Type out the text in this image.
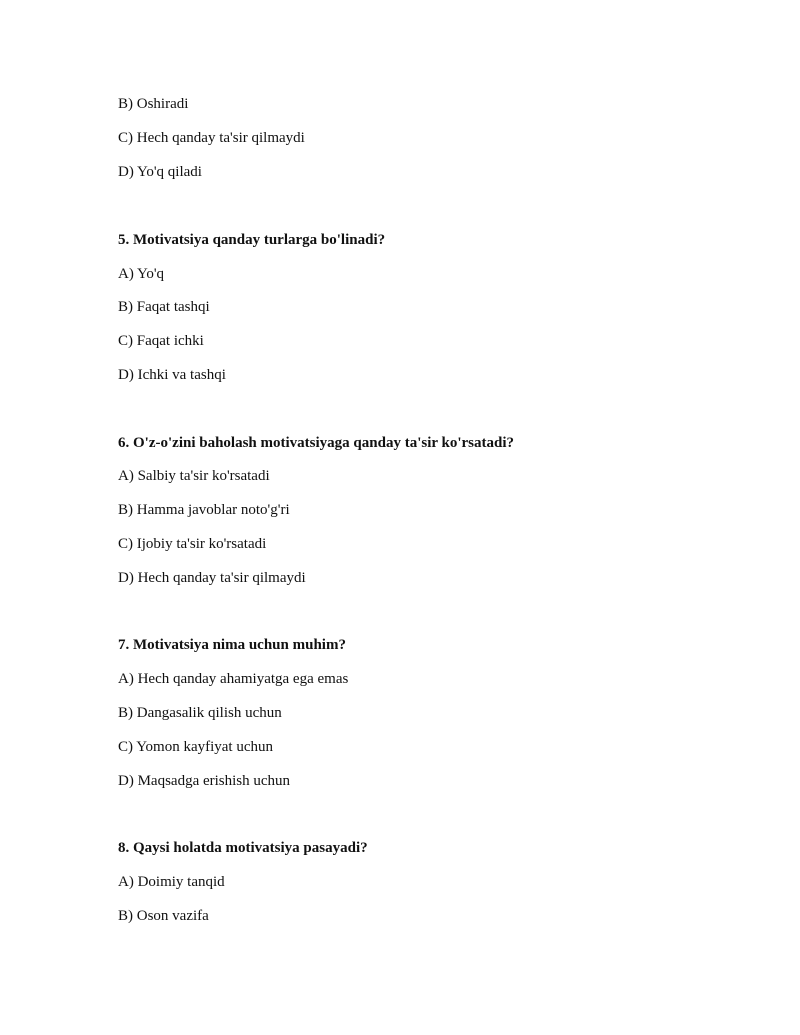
B) Oshiradi
C) Hech qanday ta'sir qilmaydi
D) Yo'q qiladi
5. Motivatsiya qanday turlarga bo'linadi?
A) Yo'q
B) Faqat tashqi
C) Faqat ichki
D) Ichki va tashqi
6. O'z-o'zini baholash motivatsiyaga qanday ta'sir ko'rsatadi?
A) Salbiy ta'sir ko'rsatadi
B) Hamma javoblar noto'g'ri
C) Ijobiy ta'sir ko'rsatadi
D) Hech qanday ta'sir qilmaydi
7. Motivatsiya nima uchun muhim?
A) Hech qanday ahamiyatga ega emas
B) Dangasalik qilish uchun
C) Yomon kayfiyat uchun
D) Maqsadga erishish uchun
8. Qaysi holatda motivatsiya pasayadi?
A) Doimiy tanqid
B) Oson vazifa
